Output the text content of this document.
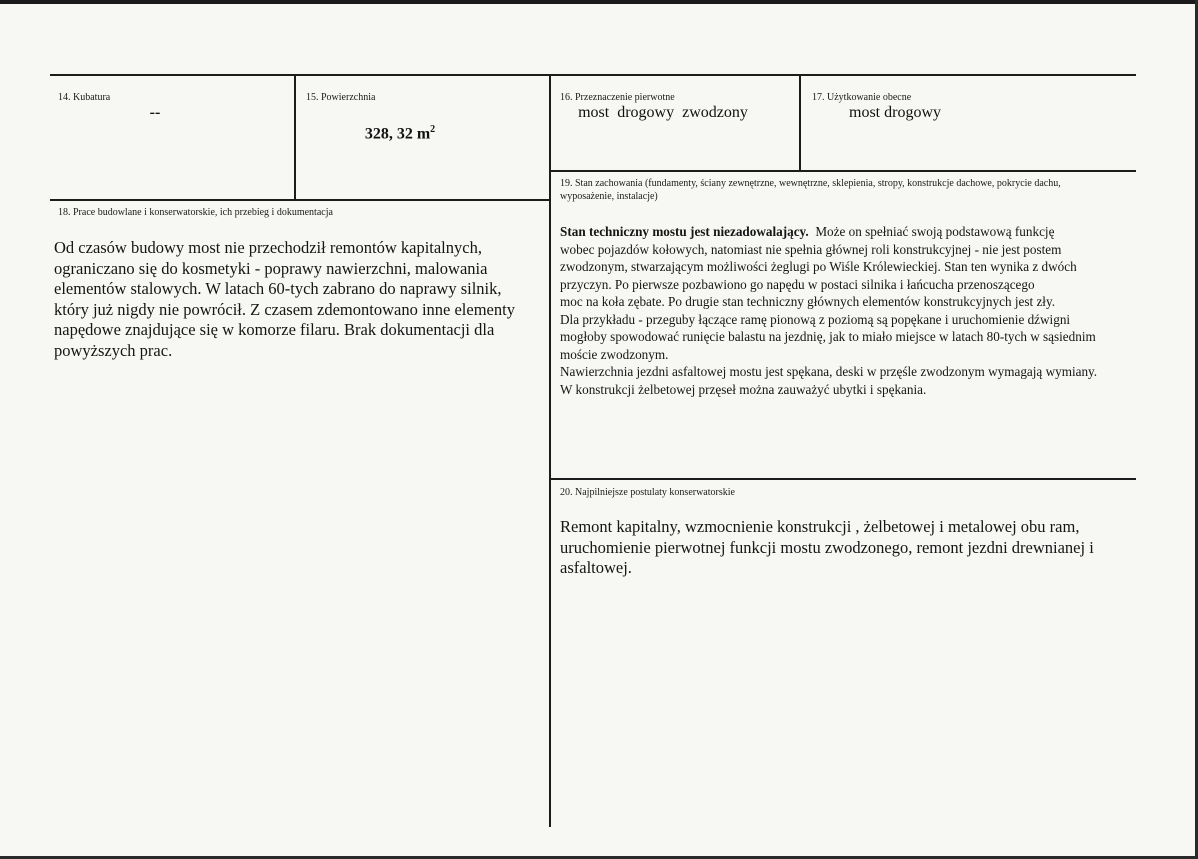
14. Kubatura
--
15. Powierzchnia
328, 32 $m^2$
16. Przeznaczenie pierwotne
most  drogowy  zwodzony
17. Użytkowanie obecne
most drogowy
18. Prace budowlane i konserwatorskie, ich przebieg i dokumentacja
Od czasów budowy most nie przechodził remontów kapitalnych,
ograniczano się do kosmetyki - poprawy nawierzchni, malowania
elementów stalowych. W latach 60-tych zabrano do naprawy silnik,
który już nigdy nie powrócił. Z czasem zdemontowano inne elementy
napędowe znajdujące się w komorze filaru. Brak dokumentacji dla
powyższych prac.
19. Stan zachowania (fundamenty, ściany zewnętrzne, wewnętrzne, sklepienia, stropy, konstrukcje dachowe, pokrycie dachu,
wyposażenie, instalacje)
Stan techniczny mostu jest niezadowalający.  Może on spełniać swoją podstawową funkcję
wobec pojazdów kołowych, natomiast nie spełnia głównej roli konstrukcyjnej - nie jest postem
zwodzonym, stwarzającym możliwości żeglugi po Wiśle Królewieckiej. Stan ten wynika z dwóch
przyczyn. Po pierwsze pozbawiono go napędu w postaci silnika i łańcucha przenoszącego
moc na koła zębate. Po drugie stan techniczny głównych elementów konstrukcyjnych jest zły.
Dla przykładu - przeguby łączące ramę pionową z poziomą są popękane i uruchomienie dźwigni
mogłoby spowodować runięcie balastu na jezdnię, jak to miało miejsce w latach 80-tych w sąsiednim
moście zwodzonym.
Nawierzchnia jezdni asfaltowej mostu jest spękana, deski w przęśle zwodzonym wymagają wymiany.
W konstrukcji żelbetowej przęseł można zauważyć ubytki i spękania.
20. Najpilniejsze postulaty konserwatorskie
Remont kapitalny, wzmocnienie konstrukcji , żelbetowej i metalowej obu ram,
uruchomienie pierwotnej funkcji mostu zwodzonego, remont jezdni drewnianej i
asfaltowej.
